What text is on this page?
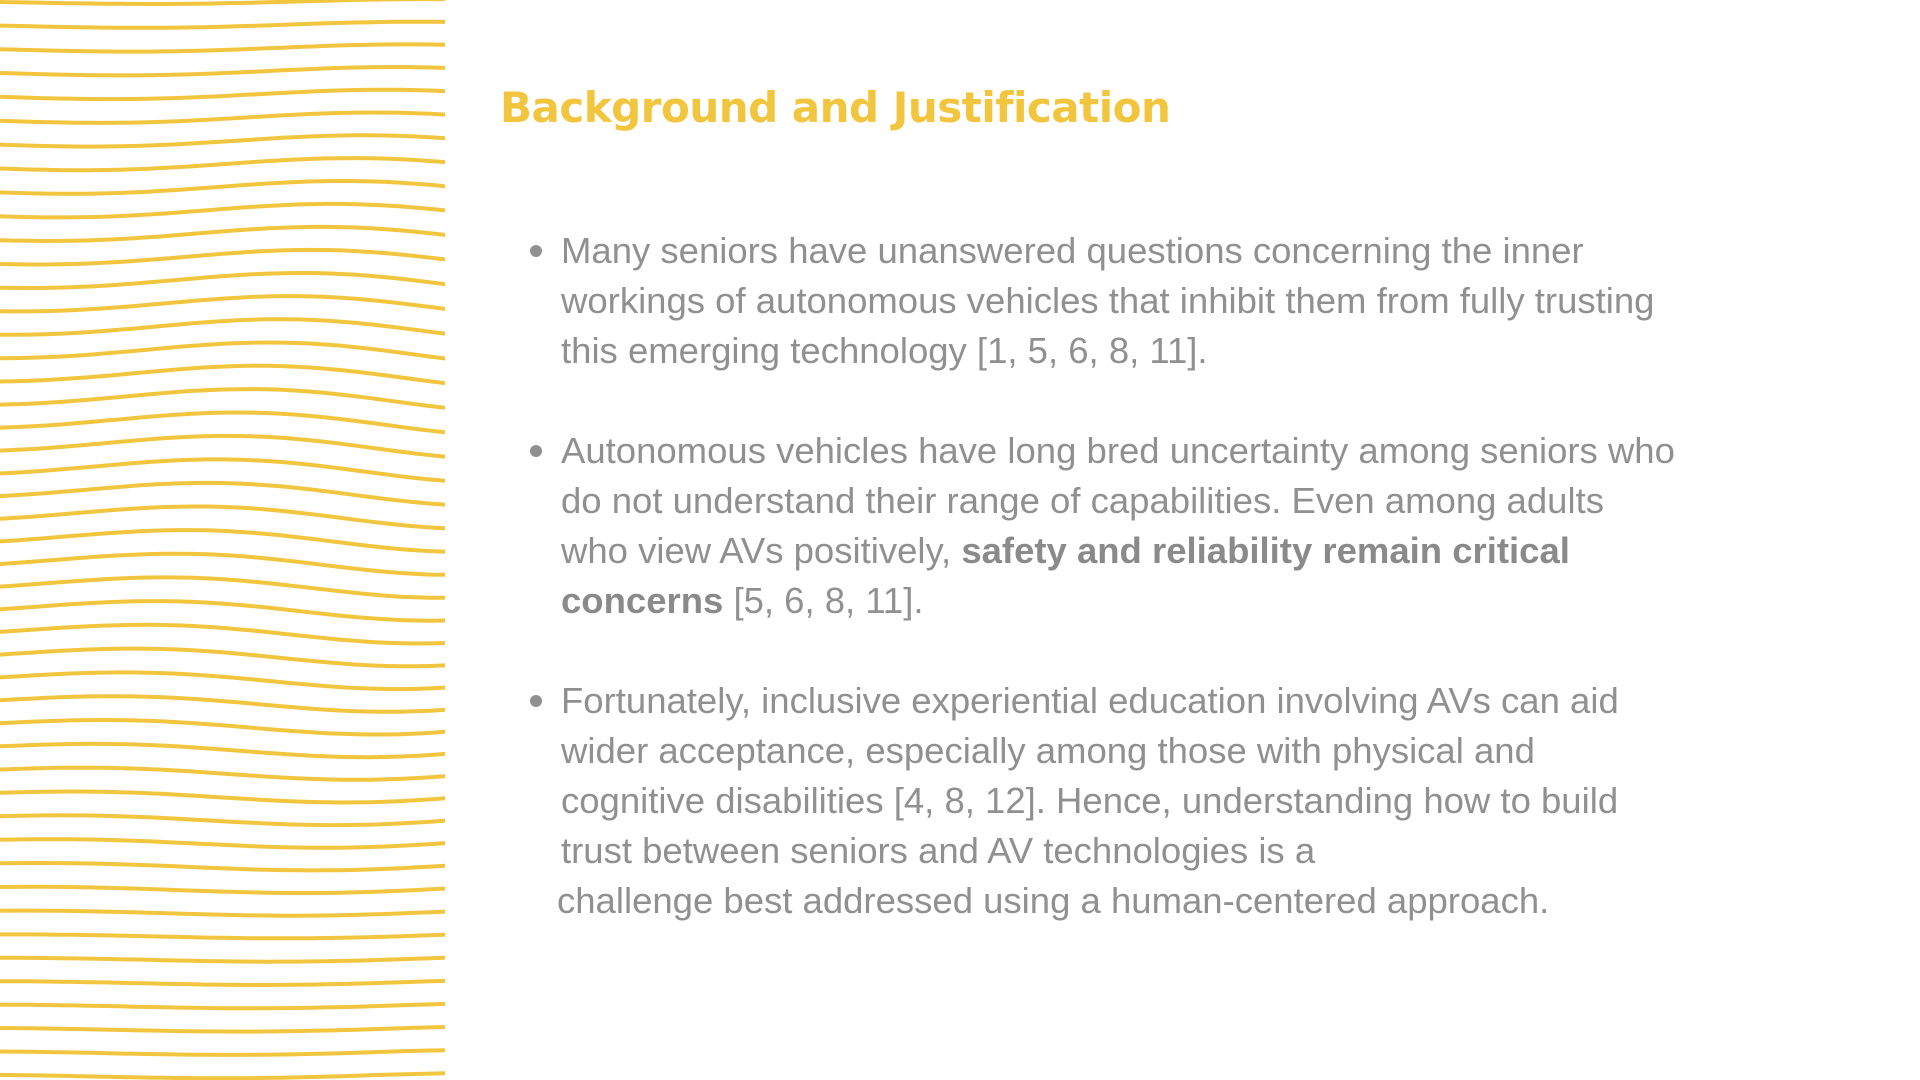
Background and Justification
Many seniors have unanswered questions concerning the inner
workings of autonomous vehicles that inhibit them from fully trusting
this emerging technology [1, 5, 6, 8, 11].
Autonomous vehicles have long bred uncertainty among seniors who
do not understand their range of capabilities. Even among adults
who view AVs positively, safety and reliability remain critical
concerns [5, 6, 8, 11].
Fortunately, inclusive experiential education involving AVs can aid
wider acceptance, especially among those with physical and
cognitive disabilities [4, 8, 12]. Hence, understanding how to build
trust between seniors and AV technologies is a
challenge best addressed using a human-centered approach.
